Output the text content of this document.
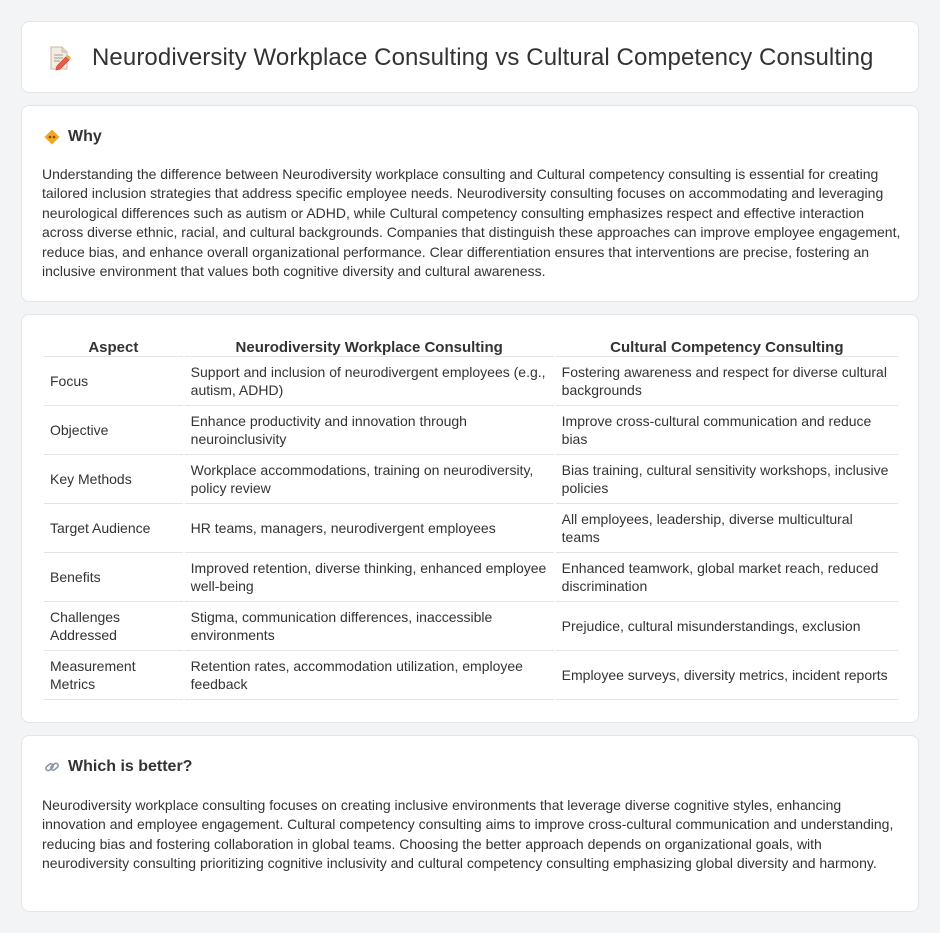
Neurodiversity Workplace Consulting vs Cultural Competency Consulting
Why

Understanding the difference between Neurodiversity workplace consulting and Cultural competency consulting is essential for creating tailored inclusion strategies that address specific employee needs. Neurodiversity consulting focuses on accommodating and leveraging neurological differences such as autism or ADHD, while Cultural competency consulting emphasizes respect and effective interaction across diverse ethnic, racial, and cultural backgrounds. Companies that distinguish these approaches can improve employee engagement, reduce bias, and enhance overall organizational performance. Clear differentiation ensures that interventions are precise, fostering an inclusive environment that values both cognitive diversity and cultural awareness.

Aspect	Neurodiversity Workplace Consulting	Cultural Competency Consulting
Focus	Support and inclusion of neurodivergent employees (e.g., autism, ADHD)	Fostering awareness and respect for diverse cultural backgrounds
Objective	Enhance productivity and innovation through neuroinclusivity	Improve cross-cultural communication and reduce bias
Key Methods	Workplace accommodations, training on neurodiversity, policy review	Bias training, cultural sensitivity workshops, inclusive policies
Target Audience	HR teams, managers, neurodivergent employees	All employees, leadership, diverse multicultural teams
Benefits	Improved retention, diverse thinking, enhanced employee well-being	Enhanced teamwork, global market reach, reduced discrimination
Challenges Addressed	Stigma, communication differences, inaccessible environments	Prejudice, cultural misunderstandings, exclusion
Measurement Metrics	Retention rates, accommodation utilization, employee feedback	Employee surveys, diversity metrics, incident reports
Which is better?

Neurodiversity workplace consulting focuses on creating inclusive environments that leverage diverse cognitive styles, enhancing innovation and employee engagement. Cultural competency consulting aims to improve cross-cultural communication and understanding, reducing bias and fostering collaboration in global teams. Choosing the better approach depends on organizational goals, with neurodiversity consulting prioritizing cognitive inclusivity and cultural competency consulting emphasizing global diversity and harmony.
